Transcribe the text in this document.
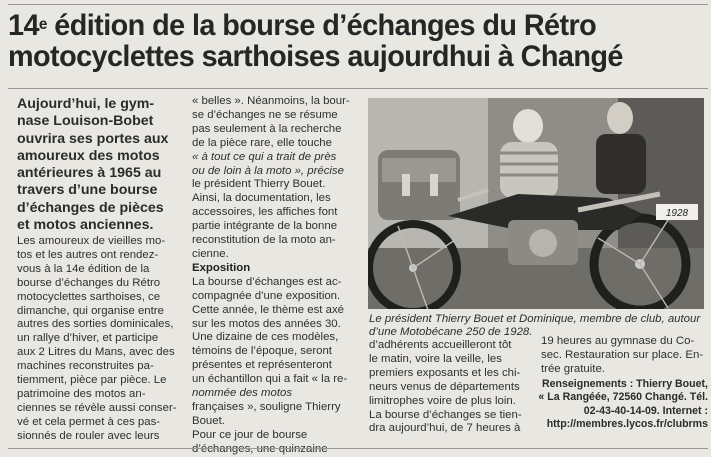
14e édition de la bourse d’échanges du Rétro
motocyclettes sarthoises aujourdhui à Changé
Aujourd’hui, le gym-
nase Louison-Bobet
ouvrira ses portes aux
amoureux des motos
antérieures à 1965 au
travers d’une bourse
d’échanges de pièces
et motos anciennes.

Les amoureux de vieilles mo-

tos et les autres ont rendez-

vous à la 14e édition de la

bourse d’échanges du Rétro

motocyclettes sarthoises, ce

dimanche, qui organise entre

autres des sorties dominicales,

un rallye d’hiver, et participe

aux 2 Litres du Mans, avec des

machines reconstruites pa-

tiemment, pièce par pièce. Le

patrimoine des motos an-

ciennes se révèle aussi conser-

vé et cela permet à ces pas-

sionnés de rouler avec leurs

« belles ». Néanmoins, la bour-

se d’échanges ne se résume

pas seulement à la recherche

de la pièce rare, elle touche

« à tout ce qui a trait de près

ou de loin à la moto », précise

le président Thierry Bouet.

Ainsi, la documentation, les

accessoires, les affiches font

partie intégrante de la bonne

reconstitution de la moto an-

cienne.

Exposition

La bourse d’échanges est ac-

compagnée d’une exposition.

Cette année, le thème est axé

sur les motos des années 30.

Une dizaine de ces modèles,

témoins de l’époque, seront

présentes et représenteront

un échantillon qui a fait « la re-

nommée des motos

françaises », souligne Thierry

Bouet.

Pour ce jour de bourse

1928
Le président Thierry Bouet et Dominique, membre de club, autour
d’une Motobécane 250 de 1928.

d’adhérents accueilleront tôt

le matin, voire la veille, les

premiers exposants et les chi-

neurs venus de départements

limitrophes voire de plus loin.

La bourse d’échanges se tien-

dra aujourd’hui, de 7 heures à

19 heures au gymnase du Co-

sec. Restauration sur place. En-

trée gratuite.

Renseignements : Thierry Bouet,
« La Rangéée, 72560 Changé. Tél.
02-43-40-14-09. Internet :
http://membres.lycos.fr/clubrms
